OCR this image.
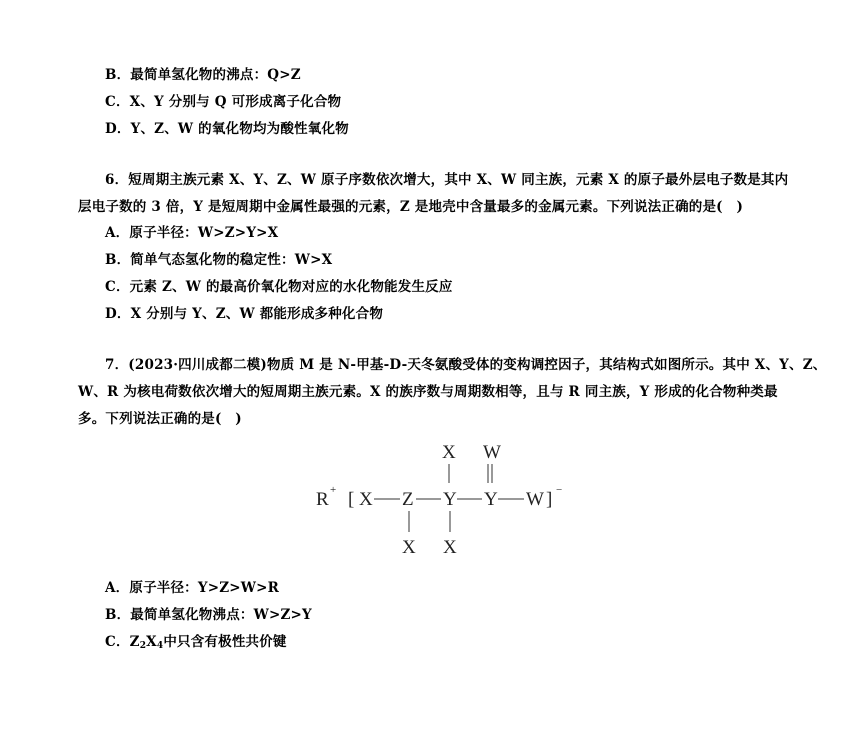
B．最简单氢化物的沸点：Q>Z
C．X、Y 分别与 Q 可形成离子化合物
D．Y、Z、W 的氧化物均为酸性氧化物
6．短周期主族元素 X、Y、Z、W 原子序数依次增大，其中 X、W 同主族，元素 X 的原子最外层电子数是其内
层电子数的 3 倍，Y 是短周期中金属性最强的元素，Z 是地壳中含量最多的金属元素。下列说法正确的是(　)
A．原子半径：W>Z>Y>X
B．简单气态氢化物的稳定性：W>X
C．元素 Z、W 的最高价氧化物对应的水化物能发生反应
D．X 分别与 Y、Z、W 都能形成多种化合物
7．(2023·四川成都二模)物质 M 是 N-甲基-D-天冬氨酸受体的变构调控因子，其结构式如图所示。其中 X、Y、Z、
W、R 为核电荷数依次增大的短周期主族元素。X 的族序数与周期数相等，且与 R 同主族，Y 形成的化合物种类最
多。下列说法正确的是(　)
X W
R + [ X Z Y Y W ] −
X X
A．原子半径：Y>Z>W>R
B．最简单氢化物沸点：W>Z>Y
C．$Z_2X_4$中只含有极性共价键
